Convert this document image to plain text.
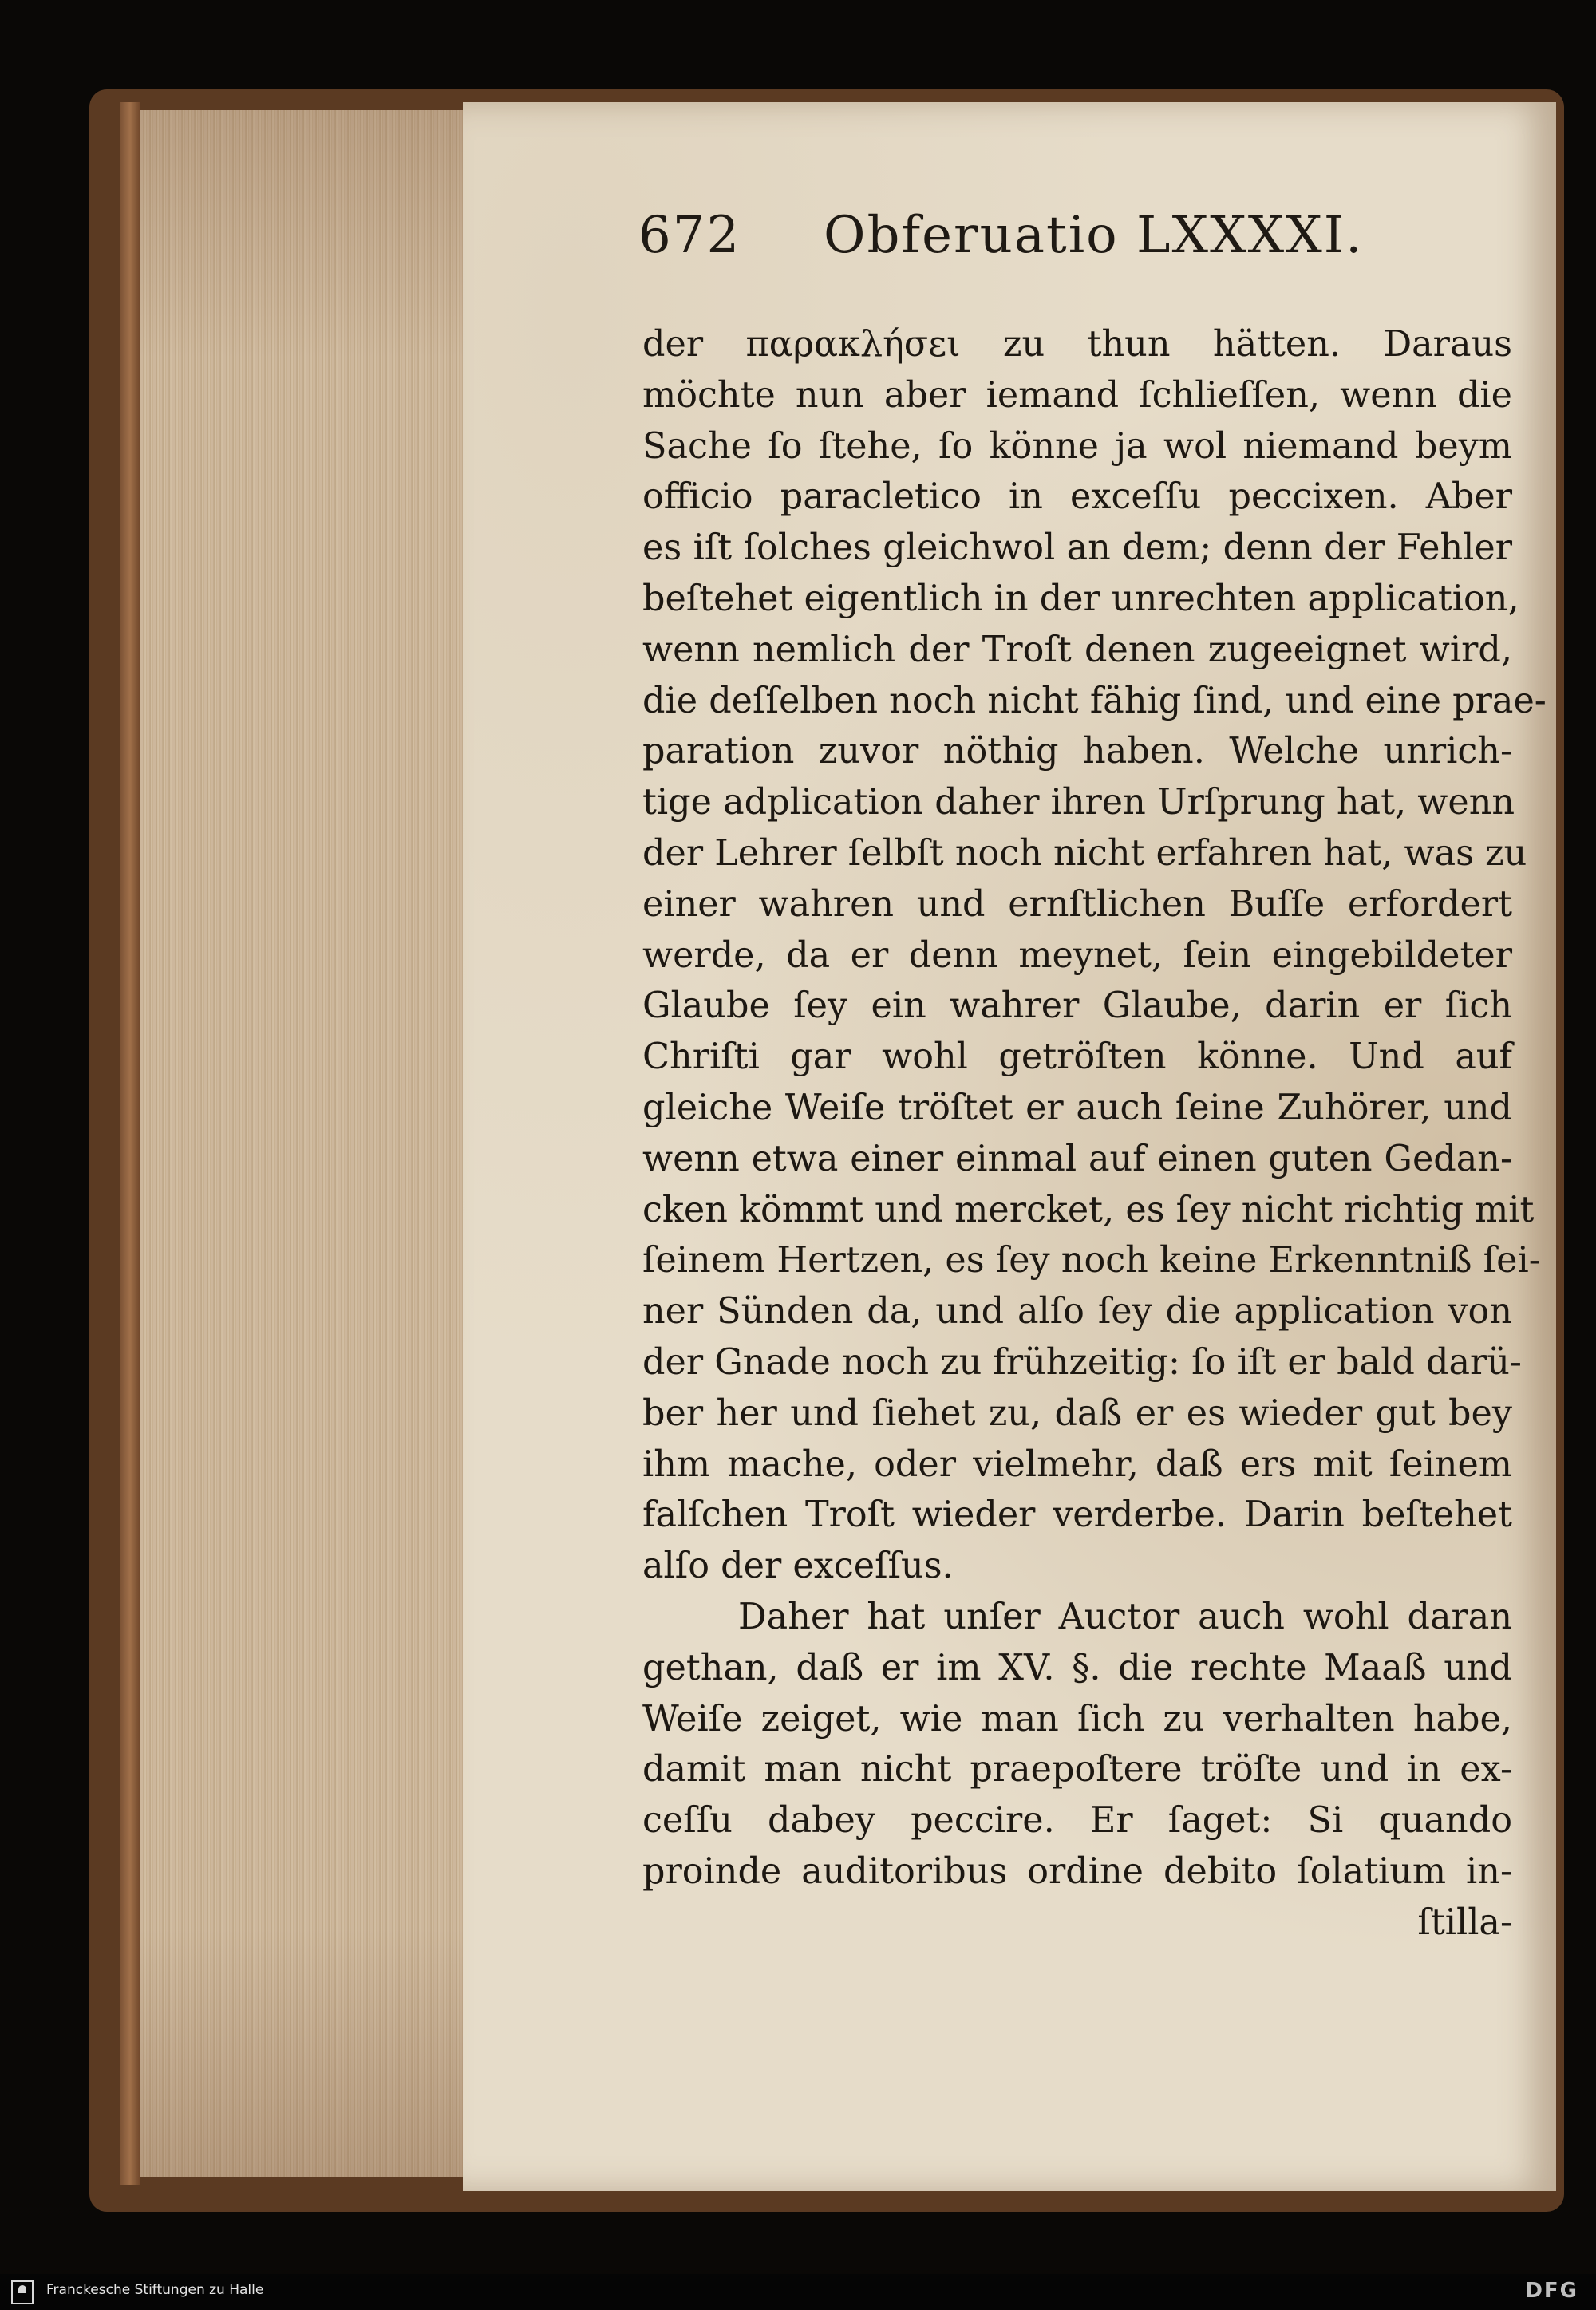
672 Obferuatio LXXXXI.
der παρακλήσει zu thun hätten. Daraus
möchte nun aber iemand ſchlieſſen, wenn die
Sache ſo ſtehe, ſo könne ja wol niemand beym
officio paracletico in exceſſu peccixen. Aber
es iſt ſolches gleichwol an dem; denn der Fehler
beſtehet eigentlich in der unrechten application,
wenn nemlich der Troſt denen zugeeignet wird,
die deſſelben noch nicht fähig ſind, und eine prae-
paration zuvor nöthig haben. Welche unrich-
tige adplication daher ihren Urſprung hat, wenn
der Lehrer ſelbſt noch nicht erfahren hat, was zu
einer wahren und ernſtlichen Buſſe erfordert
werde, da er denn meynet, ſein eingebildeter
Glaube ſey ein wahrer Glaube, darin er ſich
Chriſti gar wohl getröſten könne. Und auf
gleiche Weiſe tröſtet er auch ſeine Zuhörer, und
wenn etwa einer einmal auf einen guten Gedan-
cken kömmt und mercket, es ſey nicht richtig mit
ſeinem Hertzen, es ſey noch keine Erkenntniß ſei-
ner Sünden da, und alſo ſey die application von
der Gnade noch zu frühzeitig: ſo iſt er bald darü-
ber her und ſiehet zu, daß er es wieder gut bey
ihm mache, oder vielmehr, daß ers mit ſeinem
falſchen Troſt wieder verderbe. Darin beſtehet
alſo der exceſſus.
Daher hat unſer Auctor auch wohl daran
gethan, daß er im XV. §. die rechte Maaß und
Weiſe zeiget, wie man ſich zu verhalten habe,
damit man nicht praepoſtere tröſte und in ex-
ceſſu dabey peccire. Er ſaget: Si quando
proinde auditoribus ordine debito ſolatium in-
ſtilla-
Franckesche Stiftungen zu Halle	DFG
